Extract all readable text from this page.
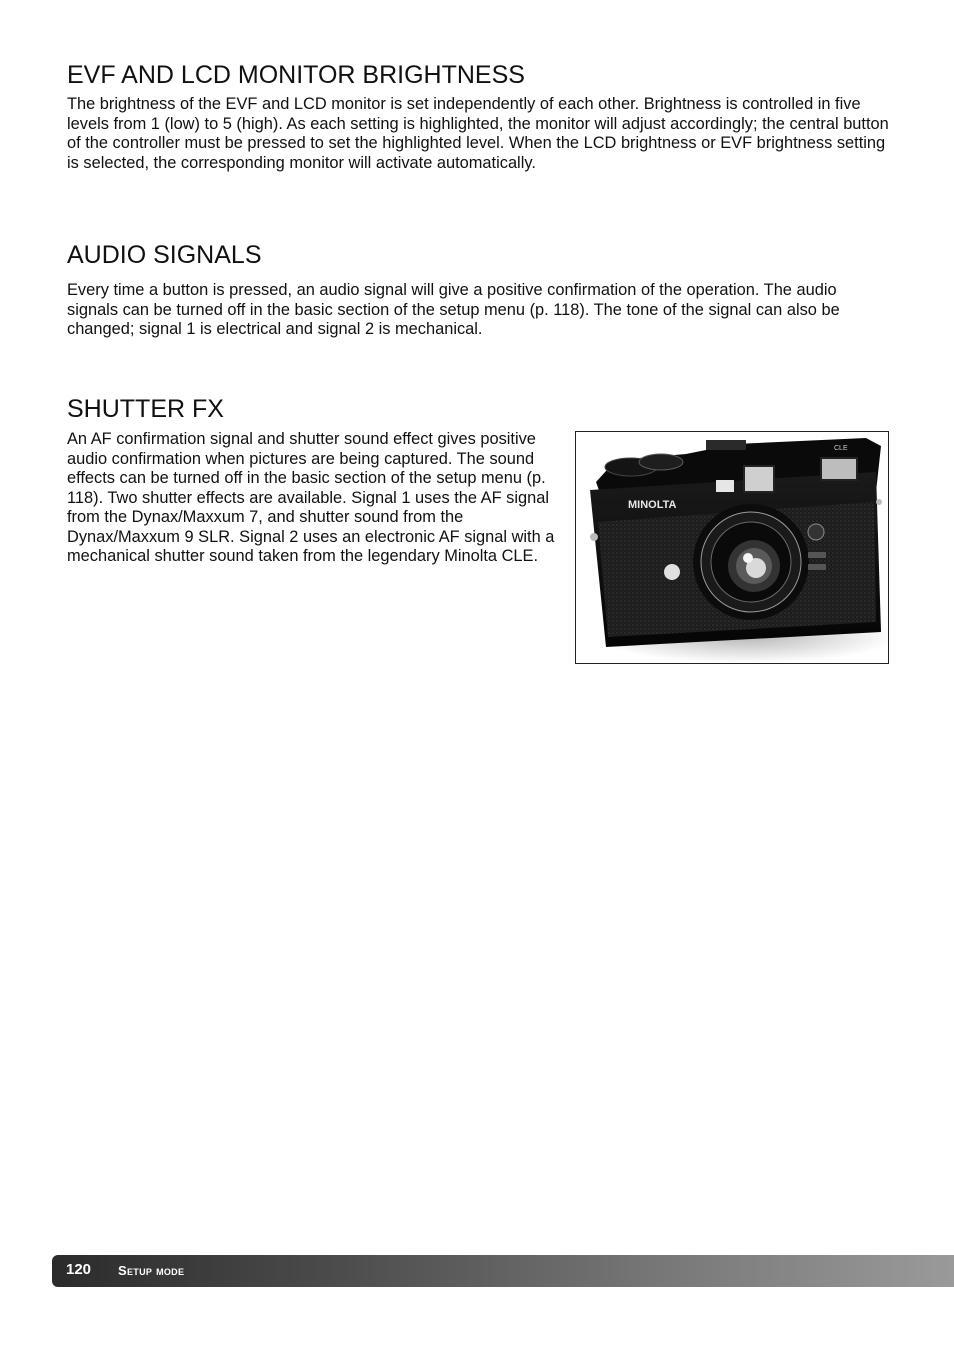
EVF AND LCD MONITOR BRIGHTNESS

The brightness of the EVF and LCD monitor is set independently of each other. Brightness is controlled in five levels from 1 (low) to 5 (high). As each setting is highlighted, the monitor will adjust accordingly; the central button of the controller must be pressed to set the highlighted level. When the LCD brightness or EVF brightness setting is selected, the corresponding monitor will activate automatically.

AUDIO SIGNALS

Every time a button is pressed, an audio signal will give a positive confirmation of the operation. The audio signals can be turned off in the basic section of the setup menu (p. 118). The tone of the signal can also be changed; signal 1 is electrical and signal 2 is mechanical.

SHUTTER FX

An AF confirmation signal and shutter sound effect gives positive audio confirmation when pictures are being captured. The sound effects can be turned off in the basic section of the setup menu (p. 118). Two shutter effects are available. Signal 1 uses the AF signal from the Dynax/Maxxum 7, and shutter sound from the Dynax/Maxxum 9 SLR. Signal 2 uses an electronic AF signal with a mechanical shutter sound taken from the legendary Minolta CLE.

MINOLTA
CLE
120 Setup mode
